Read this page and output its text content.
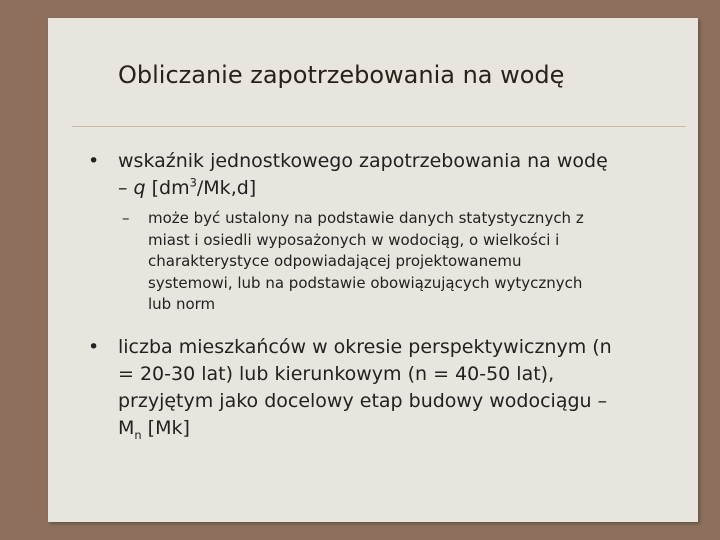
Obliczanie zapotrzebowania na wodę
• wskaźnik jednostkowego zapotrzebowania na wodę
– q $[dm^3/Mk,d]$
–	może być ustalony na podstawie danych statystycznych z
miast i osiedli wyposażonych w wodociąg, o wielkości i
charakterystyce odpowiadającej projektowanemu
systemowi, lub na podstawie obowiązujących wytycznych
lub norm
• liczba mieszkańców w okresie perspektywicznym (n
= 20-30 lat) lub kierunkowym (n = 40-50 lat),
przyjętym jako docelowy etap budowy wodociągu –
$M_n$ [Mk]
